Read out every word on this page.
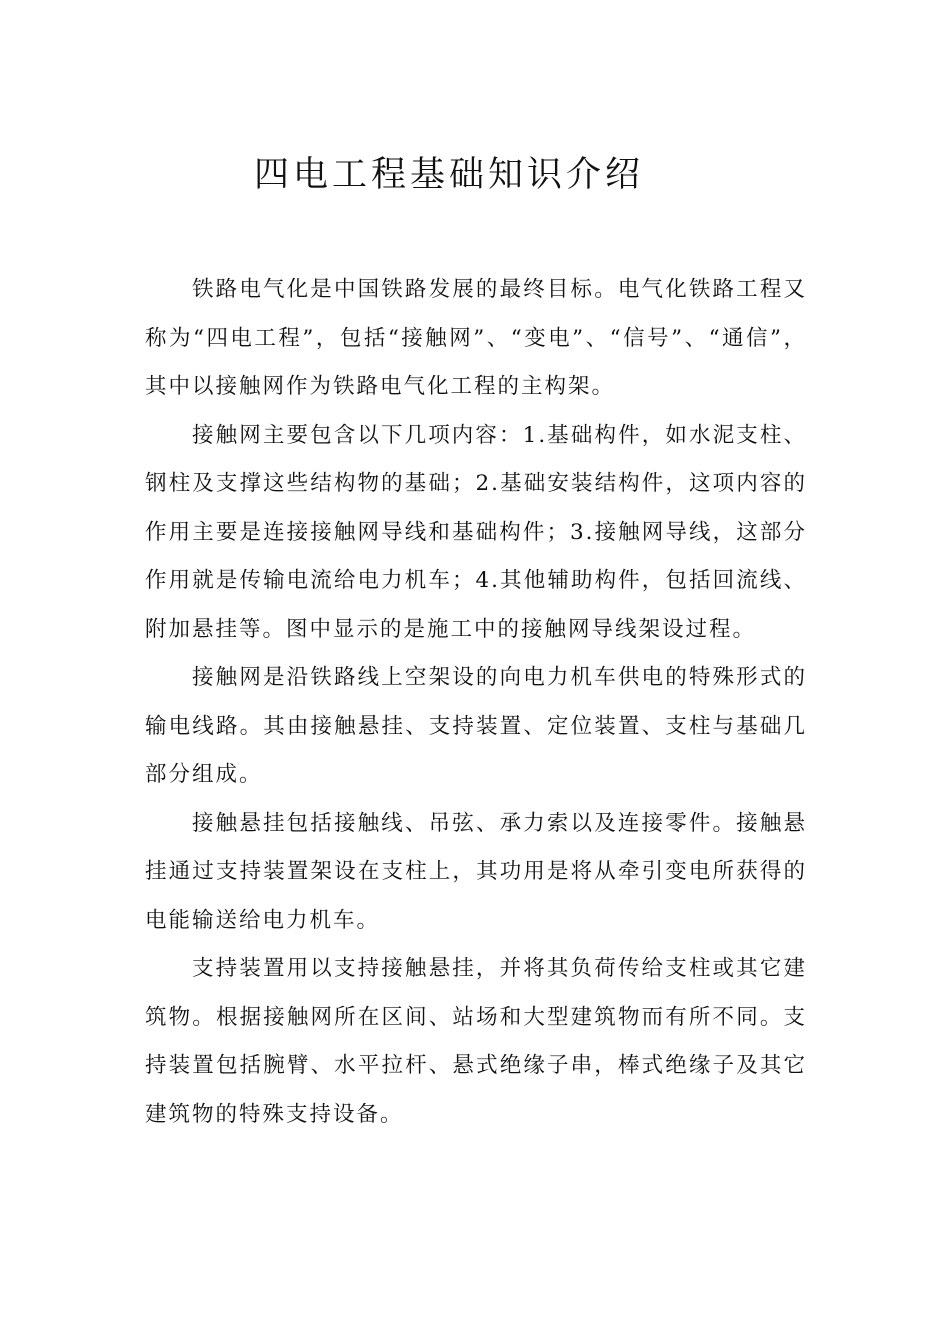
四电工程基础知识介绍

铁路电气化是中国铁路发展的最终目标。电气化铁路工程又称为“四电工程”，包括“接触网”、“变电”、“信号”、“通信”，其中以接触网作为铁路电气化工程的主构架。

接触网主要包含以下几项内容：1.基础构件，如水泥支柱、钢柱及支撑这些结构物的基础；2.基础安装结构件，这项内容的作用主要是连接接触网导线和基础构件；3.接触网导线，这部分作用就是传输电流给电力机车；4.其他辅助构件，包括回流线、附加悬挂等。图中显示的是施工中的接触网导线架设过程。

接触网是沿铁路线上空架设的向电力机车供电的特殊形式的输电线路。其由接触悬挂、支持装置、定位装置、支柱与基础几部分组成。

接触悬挂包括接触线、吊弦、承力索以及连接零件。接触悬挂通过支持装置架设在支柱上，其功用是将从牵引变电所获得的电能输送给电力机车。

支持装置用以支持接触悬挂，并将其负荷传给支柱或其它建筑物。根据接触网所在区间、站场和大型建筑物而有所不同。支持装置包括腕臂、水平拉杆、悬式绝缘子串，棒式绝缘子及其它建筑物的特殊支持设备。
